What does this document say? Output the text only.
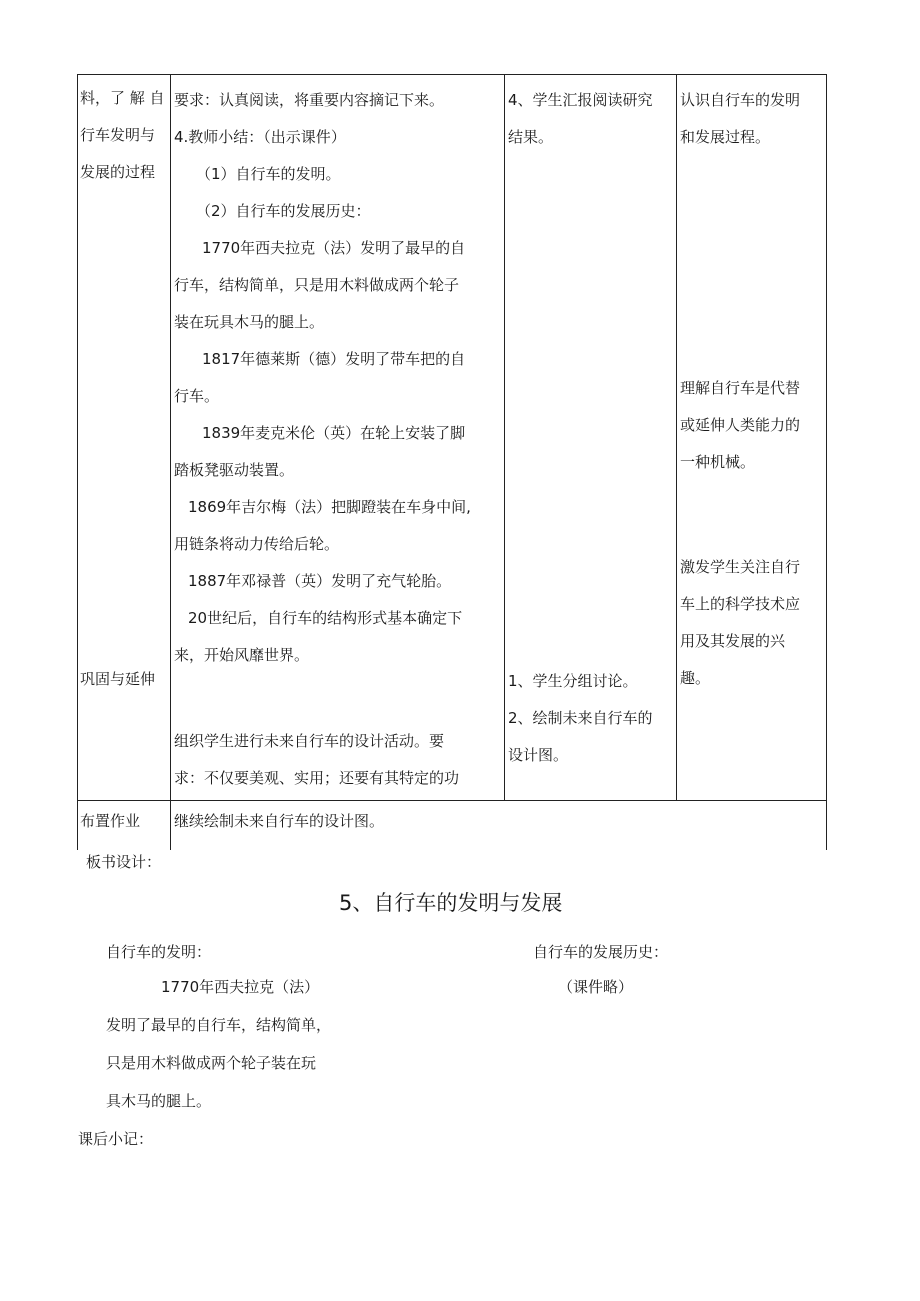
料，了 解 自

行车发明与

发展的过程

要求：认真阅读，将重要内容摘记下来。

4.教师小结：（出示课件）

（1）自行车的发明。

（2）自行车的发展历史：

1770年西夫拉克（法）发明了最早的自

行车，结构简单，只是用木料做成两个轮子

装在玩具木马的腿上。

1817年德莱斯（德）发明了带车把的自

行车。

1839年麦克米伦（英）在轮上安装了脚

踏板凳驱动装置。

1869年吉尔梅（法）把脚蹬装在车身中间,

用链条将动力传给后轮。

1887年邓禄普（英）发明了充气轮胎。

20世纪后，自行车的结构形式基本确定下

来，开始风靡世界。

4、学生汇报阅读研究

结果。

认识自行车的发明

和发展过程。

理解自行车是代替

或延伸人类能力的

一种机械。

激发学生关注自行

车上的科学技术应

用及其发展的兴

趣。

巩固与延伸	1、学生分组讨论。

2、绘制未来自行车的

设计图。

组织学生进行未来自行车的设计活动。要

求：不仅要美观、实用；还要有其特定的功

布置作业 继续绘制未来自行车的设计图。

板书设计：

5、自行车的发明与发展

自行车的发明：

1770年西夫拉克（法）

发明了最早的自行车，结构简单，

只是用木料做成两个轮子装在玩

具木马的腿上。

自行车的发展历史：

（课件略）

课后小记：
